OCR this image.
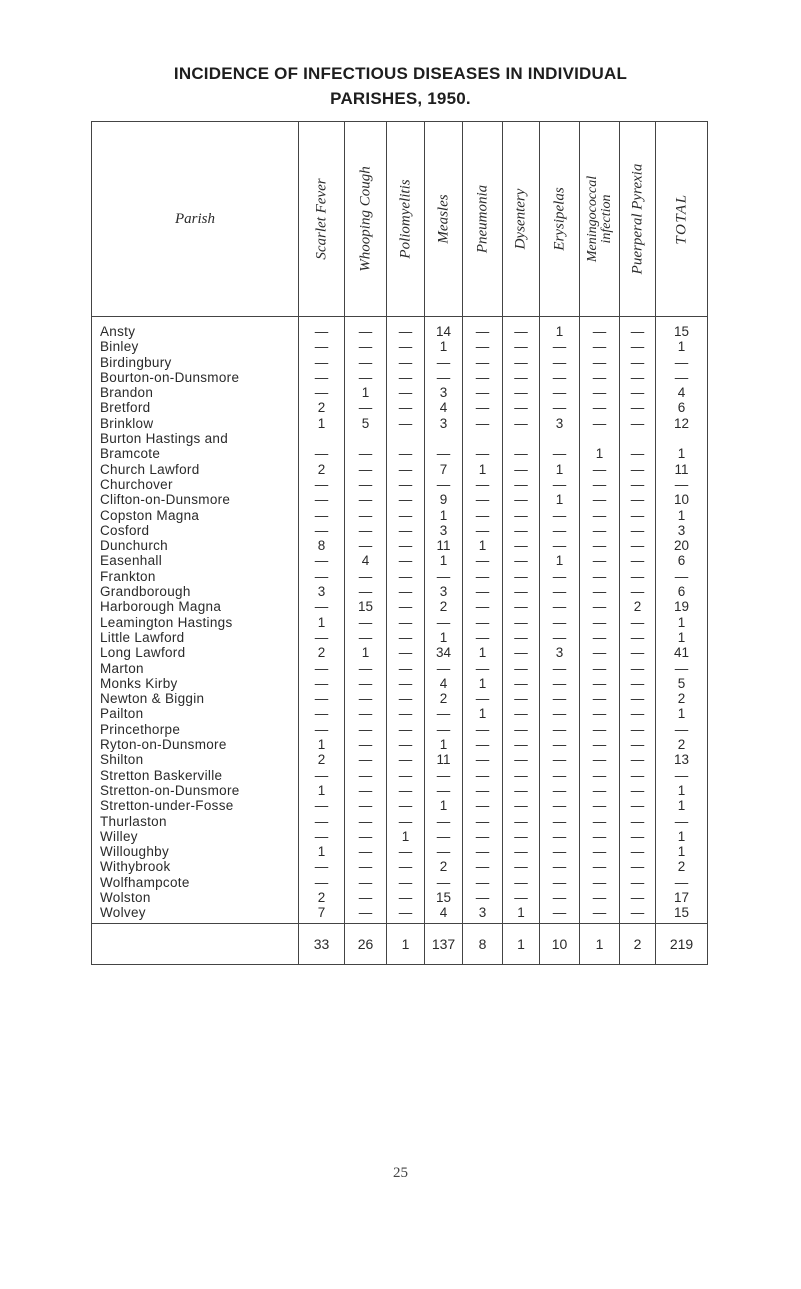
INCIDENCE OF INFECTIOUS DISEASES IN INDIVIDUAL
PARISHES, 1950.
Parish	Scarlet Fever	Whooping Cough	Poliomyelitis	Measles	Pneumonia	Dysentery	Erysipelas	Meningococcal infection	Puerperal Pyrexia	TOTAL

Ansty	—	—	—	14	—	—	1	—	—	15
Binley	—	—	—	1	—	—	—	—	—	1
Birdingbury	—	—	—	—	—	—	—	—	—	—
Bourton-on-Dunsmore	—	—	—	—	—	—	—	—	—	—
Brandon	—	1	—	3	—	—	—	—	—	4
Bretford	2	—	—	4	—	—	—	—	—	6
Brinklow	1	5	—	3	—	—	3	—	—	12
Burton Hastings and										
Bramcote	—	—	—	—	—	—	—	1	—	1
Church Lawford	2	—	—	7	1	—	1	—	—	11
Churchover	—	—	—	—	—	—	—	—	—	—
Clifton-on-Dunsmore	—	—	—	9	—	—	1	—	—	10
Copston Magna	—	—	—	1	—	—	—	—	—	1
Cosford	—	—	—	3	—	—	—	—	—	3
Dunchurch	8	—	—	11	1	—	—	—	—	20
Easenhall	—	4	—	1	—	—	1	—	—	6
Frankton	—	—	—	—	—	—	—	—	—	—
Grandborough	3	—	—	3	—	—	—	—	—	6
Harborough Magna	—	15	—	2	—	—	—	—	2	19
Leamington Hastings	1	—	—	—	—	—	—	—	—	1
Little Lawford	—	—	—	1	—	—	—	—	—	1
Long Lawford	2	1	—	34	1	—	3	—	—	41
Marton	—	—	—	—	—	—	—	—	—	—
Monks Kirby	—	—	—	4	1	—	—	—	—	5
Newton & Biggin	—	—	—	2	—	—	—	—	—	2
Pailton	—	—	—	—	1	—	—	—	—	1
Princethorpe	—	—	—	—	—	—	—	—	—	—
Ryton-on-Dunsmore	1	—	—	1	—	—	—	—	—	2
Shilton	2	—	—	11	—	—	—	—	—	13
Stretton Baskerville	—	—	—	—	—	—	—	—	—	—
Stretton-on-Dunsmore	1	—	—	—	—	—	—	—	—	1
Stretton-under-Fosse	—	—	—	1	—	—	—	—	—	1
Thurlaston	—	—	—	—	—	—	—	—	—	—
Willey	—	—	1	—	—	—	—	—	—	1
Willoughby	1	—	—	—	—	—	—	—	—	1
Withybrook	—	—	—	2	—	—	—	—	—	2
Wolfhampcote	—	—	—	—	—	—	—	—	—	—
Wolston	2	—	—	15	—	—	—	—	—	17
Wolvey	7	—	—	4	3	1	—	—	—	15
	33	26	1	137	8	1	10	1	2	219
25
